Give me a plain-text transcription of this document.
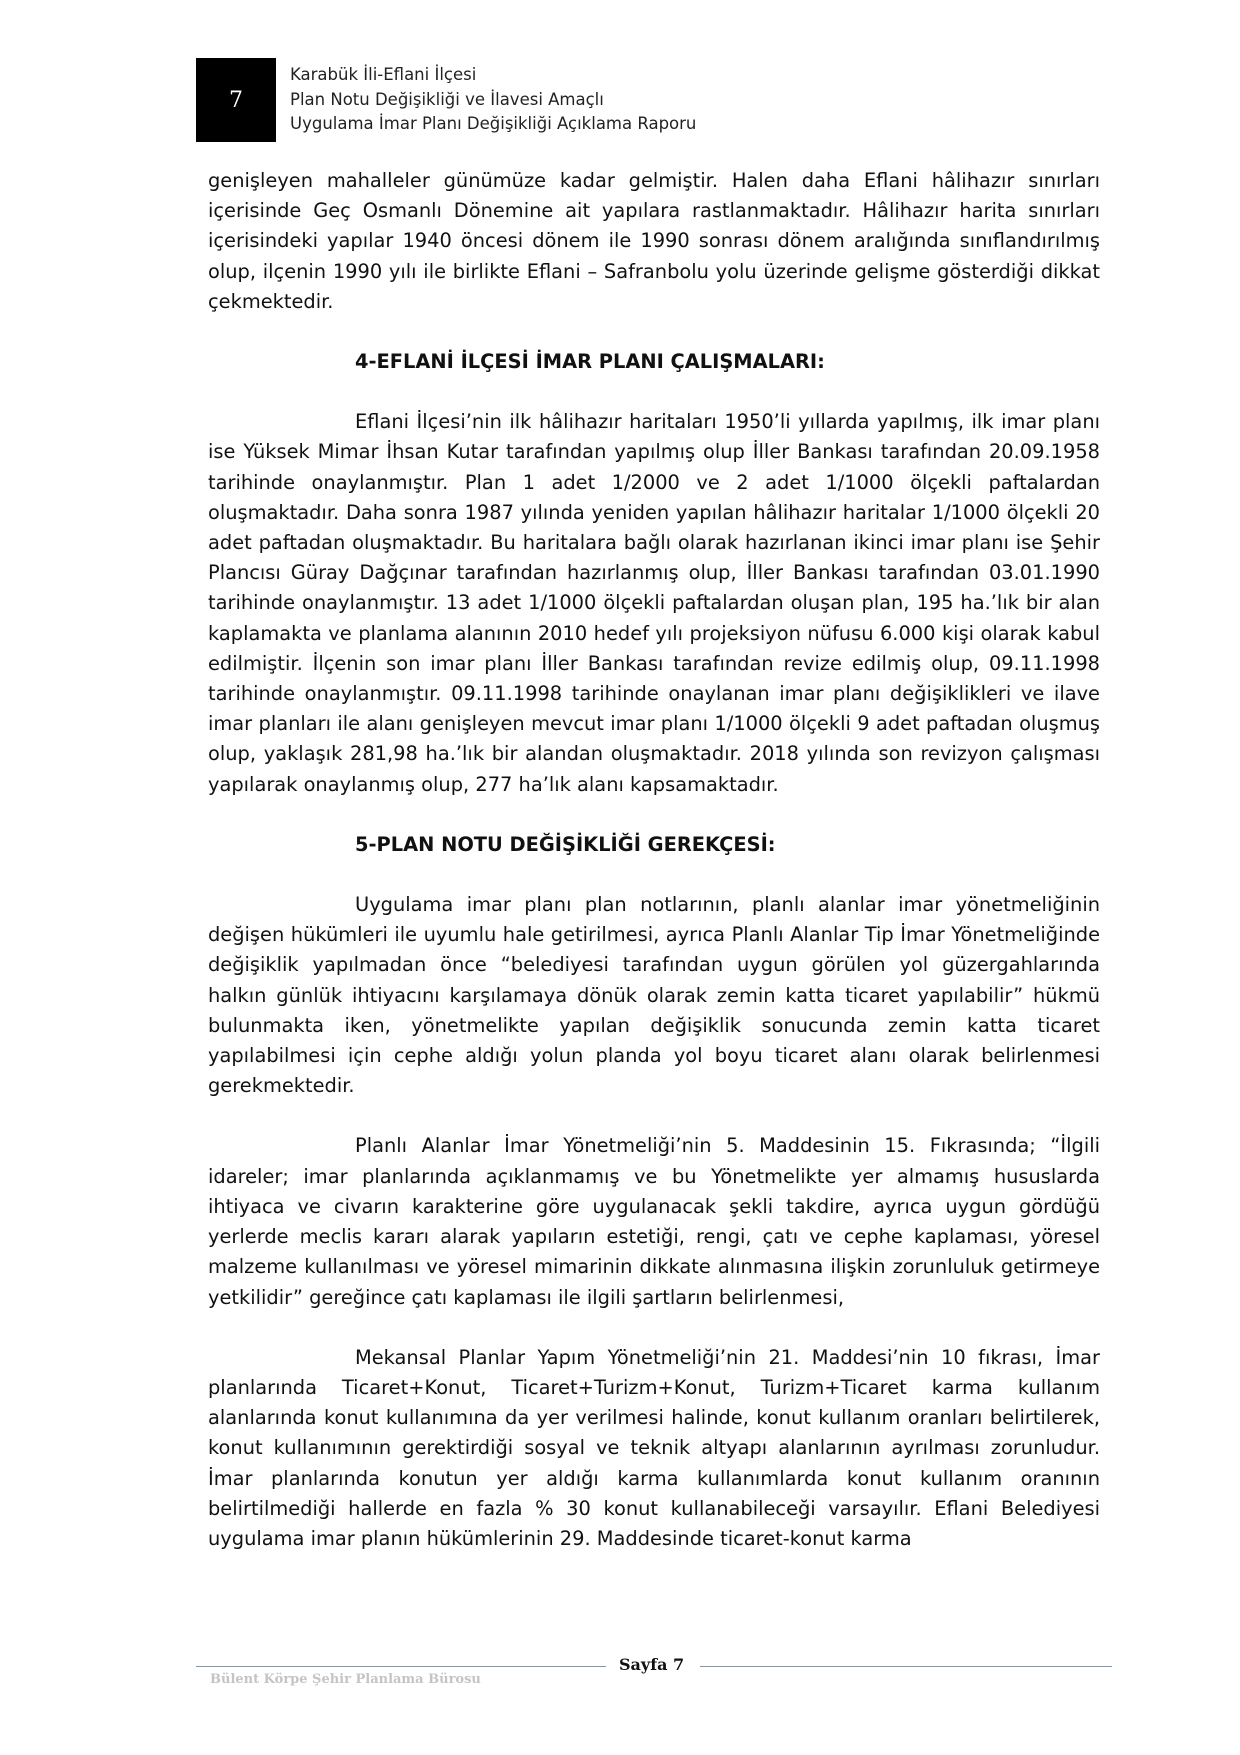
7
Karabük İli-Eflani İlçesi
Plan Notu Değişikliği ve İlavesi Amaçlı
Uygulama İmar Planı Değişikliği Açıklama Raporu

genişleyen mahalleler günümüze kadar gelmiştir. Halen daha Eflani hâlihazır sınırları içerisinde Geç Osmanlı Dönemine ait yapılara rastlanmaktadır. Hâlihazır harita sınırları içerisindeki yapılar 1940 öncesi dönem ile 1990 sonrası dönem aralığında sınıflandırılmış olup, ilçenin 1990 yılı ile birlikte Eflani – Safranbolu yolu üzerinde gelişme gösterdiği dikkat çekmektedir.

4-EFLANİ İLÇESİ İMAR PLANI ÇALIŞMALARI:

Eflani İlçesi’nin ilk hâlihazır haritaları 1950’li yıllarda yapılmış, ilk imar planı ise Yüksek Mimar İhsan Kutar tarafından yapılmış olup İller Bankası tarafından 20.09.1958 tarihinde onaylanmıştır. Plan 1 adet 1/2000 ve 2 adet 1/1000 ölçekli paftalardan oluşmaktadır. Daha sonra 1987 yılında yeniden yapılan hâlihazır haritalar 1/1000 ölçekli 20 adet paftadan oluşmaktadır. Bu haritalara bağlı olarak hazırlanan ikinci imar planı ise Şehir Plancısı Güray Dağçınar tarafından hazırlanmış olup, İller Bankası tarafından 03.01.1990 tarihinde onaylanmıştır. 13 adet 1/1000 ölçekli paftalardan oluşan plan, 195 ha.’lık bir alan kaplamakta ve planlama alanının 2010 hedef yılı projeksiyon nüfusu 6.000 kişi olarak kabul edilmiştir. İlçenin son imar planı İller Bankası tarafından revize edilmiş olup, 09.11.1998 tarihinde onaylanmıştır. 09.11.1998 tarihinde onaylanan imar planı değişiklikleri ve ilave imar planları ile alanı genişleyen mevcut imar planı 1/1000 ölçekli 9 adet paftadan oluşmuş olup, yaklaşık 281,98 ha.’lık bir alandan oluşmaktadır. 2018 yılında son revizyon çalışması yapılarak onaylanmış olup, 277 ha’lık alanı kapsamaktadır.

5-PLAN NOTU DEĞİŞİKLİĞİ GEREKÇESİ:

Uygulama imar planı plan notlarının, planlı alanlar imar yönetmeliğinin değişen hükümleri ile uyumlu hale getirilmesi, ayrıca Planlı Alanlar Tip İmar Yönetmeliğinde değişiklik yapılmadan önce “belediyesi tarafından uygun görülen yol güzergahlarında halkın günlük ihtiyacını karşılamaya dönük olarak zemin katta ticaret yapılabilir” hükmü bulunmakta iken, yönetmelikte yapılan değişiklik sonucunda zemin katta ticaret yapılabilmesi için cephe aldığı yolun planda yol boyu ticaret alanı olarak belirlenmesi gerekmektedir.

Planlı Alanlar İmar Yönetmeliği’nin 5. Maddesinin 15. Fıkrasında; “İlgili idareler; imar planlarında açıklanmamış ve bu Yönetmelikte yer almamış hususlarda ihtiyaca ve civarın karakterine göre uygulanacak şekli takdire, ayrıca uygun gördüğü yerlerde meclis kararı alarak yapıların estetiği, rengi, çatı ve cephe kaplaması, yöresel malzeme kullanılması ve yöresel mimarinin dikkate alınmasına ilişkin zorunluluk getirmeye yetkilidir” gereğince çatı kaplaması ile ilgili şartların belirlenmesi,

Mekansal Planlar Yapım Yönetmeliği’nin 21. Maddesi’nin 10 fıkrası, İmar planlarında Ticaret+Konut, Ticaret+Turizm+Konut, Turizm+Ticaret karma kullanım alanlarında konut kullanımına da yer verilmesi halinde, konut kullanım oranları belirtilerek, konut kullanımının gerektirdiği sosyal ve teknik altyapı alanlarının ayrılması zorunludur. İmar planlarında konutun yer aldığı karma kullanımlarda konut kullanım oranının belirtilmediği hallerde en fazla % 30 konut kullanabileceği varsayılır. Eflani Belediyesi uygulama imar planın hükümlerinin 29. Maddesinde ticaret-konut karma

Bülent Körpe Şehir Planlama Bürosu
Sayfa 7
